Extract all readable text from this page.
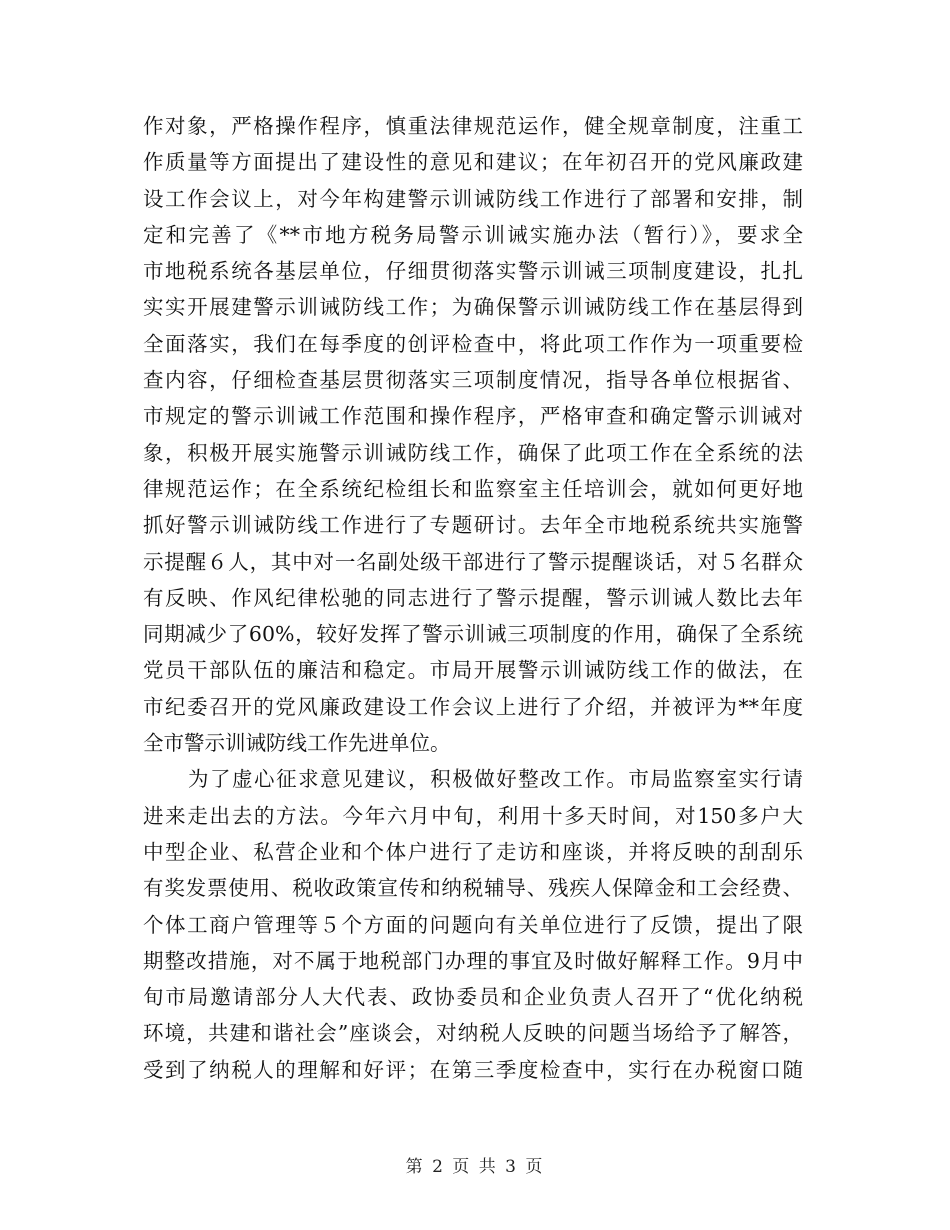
作对象，严格操作程序，慎重法律规范运作，健全规章制度，注重工
作质量等方面提出了建设性的意见和建议；在年初召开的党风廉政建
设工作会议上，对今年构建警示训诫防线工作进行了部署和安排，制
定和完善了《**市地方税务局警示训诫实施办法（暂行）》，要求全
市地税系统各基层单位，仔细贯彻落实警示训诫三项制度建设，扎扎
实实开展建警示训诫防线工作；为确保警示训诫防线工作在基层得到
全面落实，我们在每季度的创评检查中，将此项工作作为一项重要检
查内容，仔细检查基层贯彻落实三项制度情况，指导各单位根据省、
市规定的警示训诫工作范围和操作程序，严格审查和确定警示训诫对
象，积极开展实施警示训诫防线工作，确保了此项工作在全系统的法
律规范运作；在全系统纪检组长和监察室主任培训会，就如何更好地
抓好警示训诫防线工作进行了专题研讨。去年全市地税系统共实施警
示提醒６人，其中对一名副处级干部进行了警示提醒谈话，对５名群众
有反映、作风纪律松驰的同志进行了警示提醒，警示训诫人数比去年
同期减少了60%，较好发挥了警示训诫三项制度的作用，确保了全系统
党员干部队伍的廉洁和稳定。市局开展警示训诫防线工作的做法，在
市纪委召开的党风廉政建设工作会议上进行了介绍，并被评为**年度
全市警示训诫防线工作先进单位。
为了虚心征求意见建议，积极做好整改工作。市局监察室实行请
进来走出去的方法。今年六月中旬，利用十多天时间，对150多户大
中型企业、私营企业和个体户进行了走访和座谈，并将反映的刮刮乐
有奖发票使用、税收政策宣传和纳税辅导、残疾人保障金和工会经费、
个体工商户管理等５个方面的问题向有关单位进行了反馈，提出了限
期整改措施，对不属于地税部门办理的事宜及时做好解释工作。9月中
旬市局邀请部分人大代表、政协委员和企业负责人召开了“优化纳税
环境，共建和谐社会”座谈会，对纳税人反映的问题当场给予了解答，
受到了纳税人的理解和好评；在第三季度检查中，实行在办税窗口随
第 2 页 共 3 页
